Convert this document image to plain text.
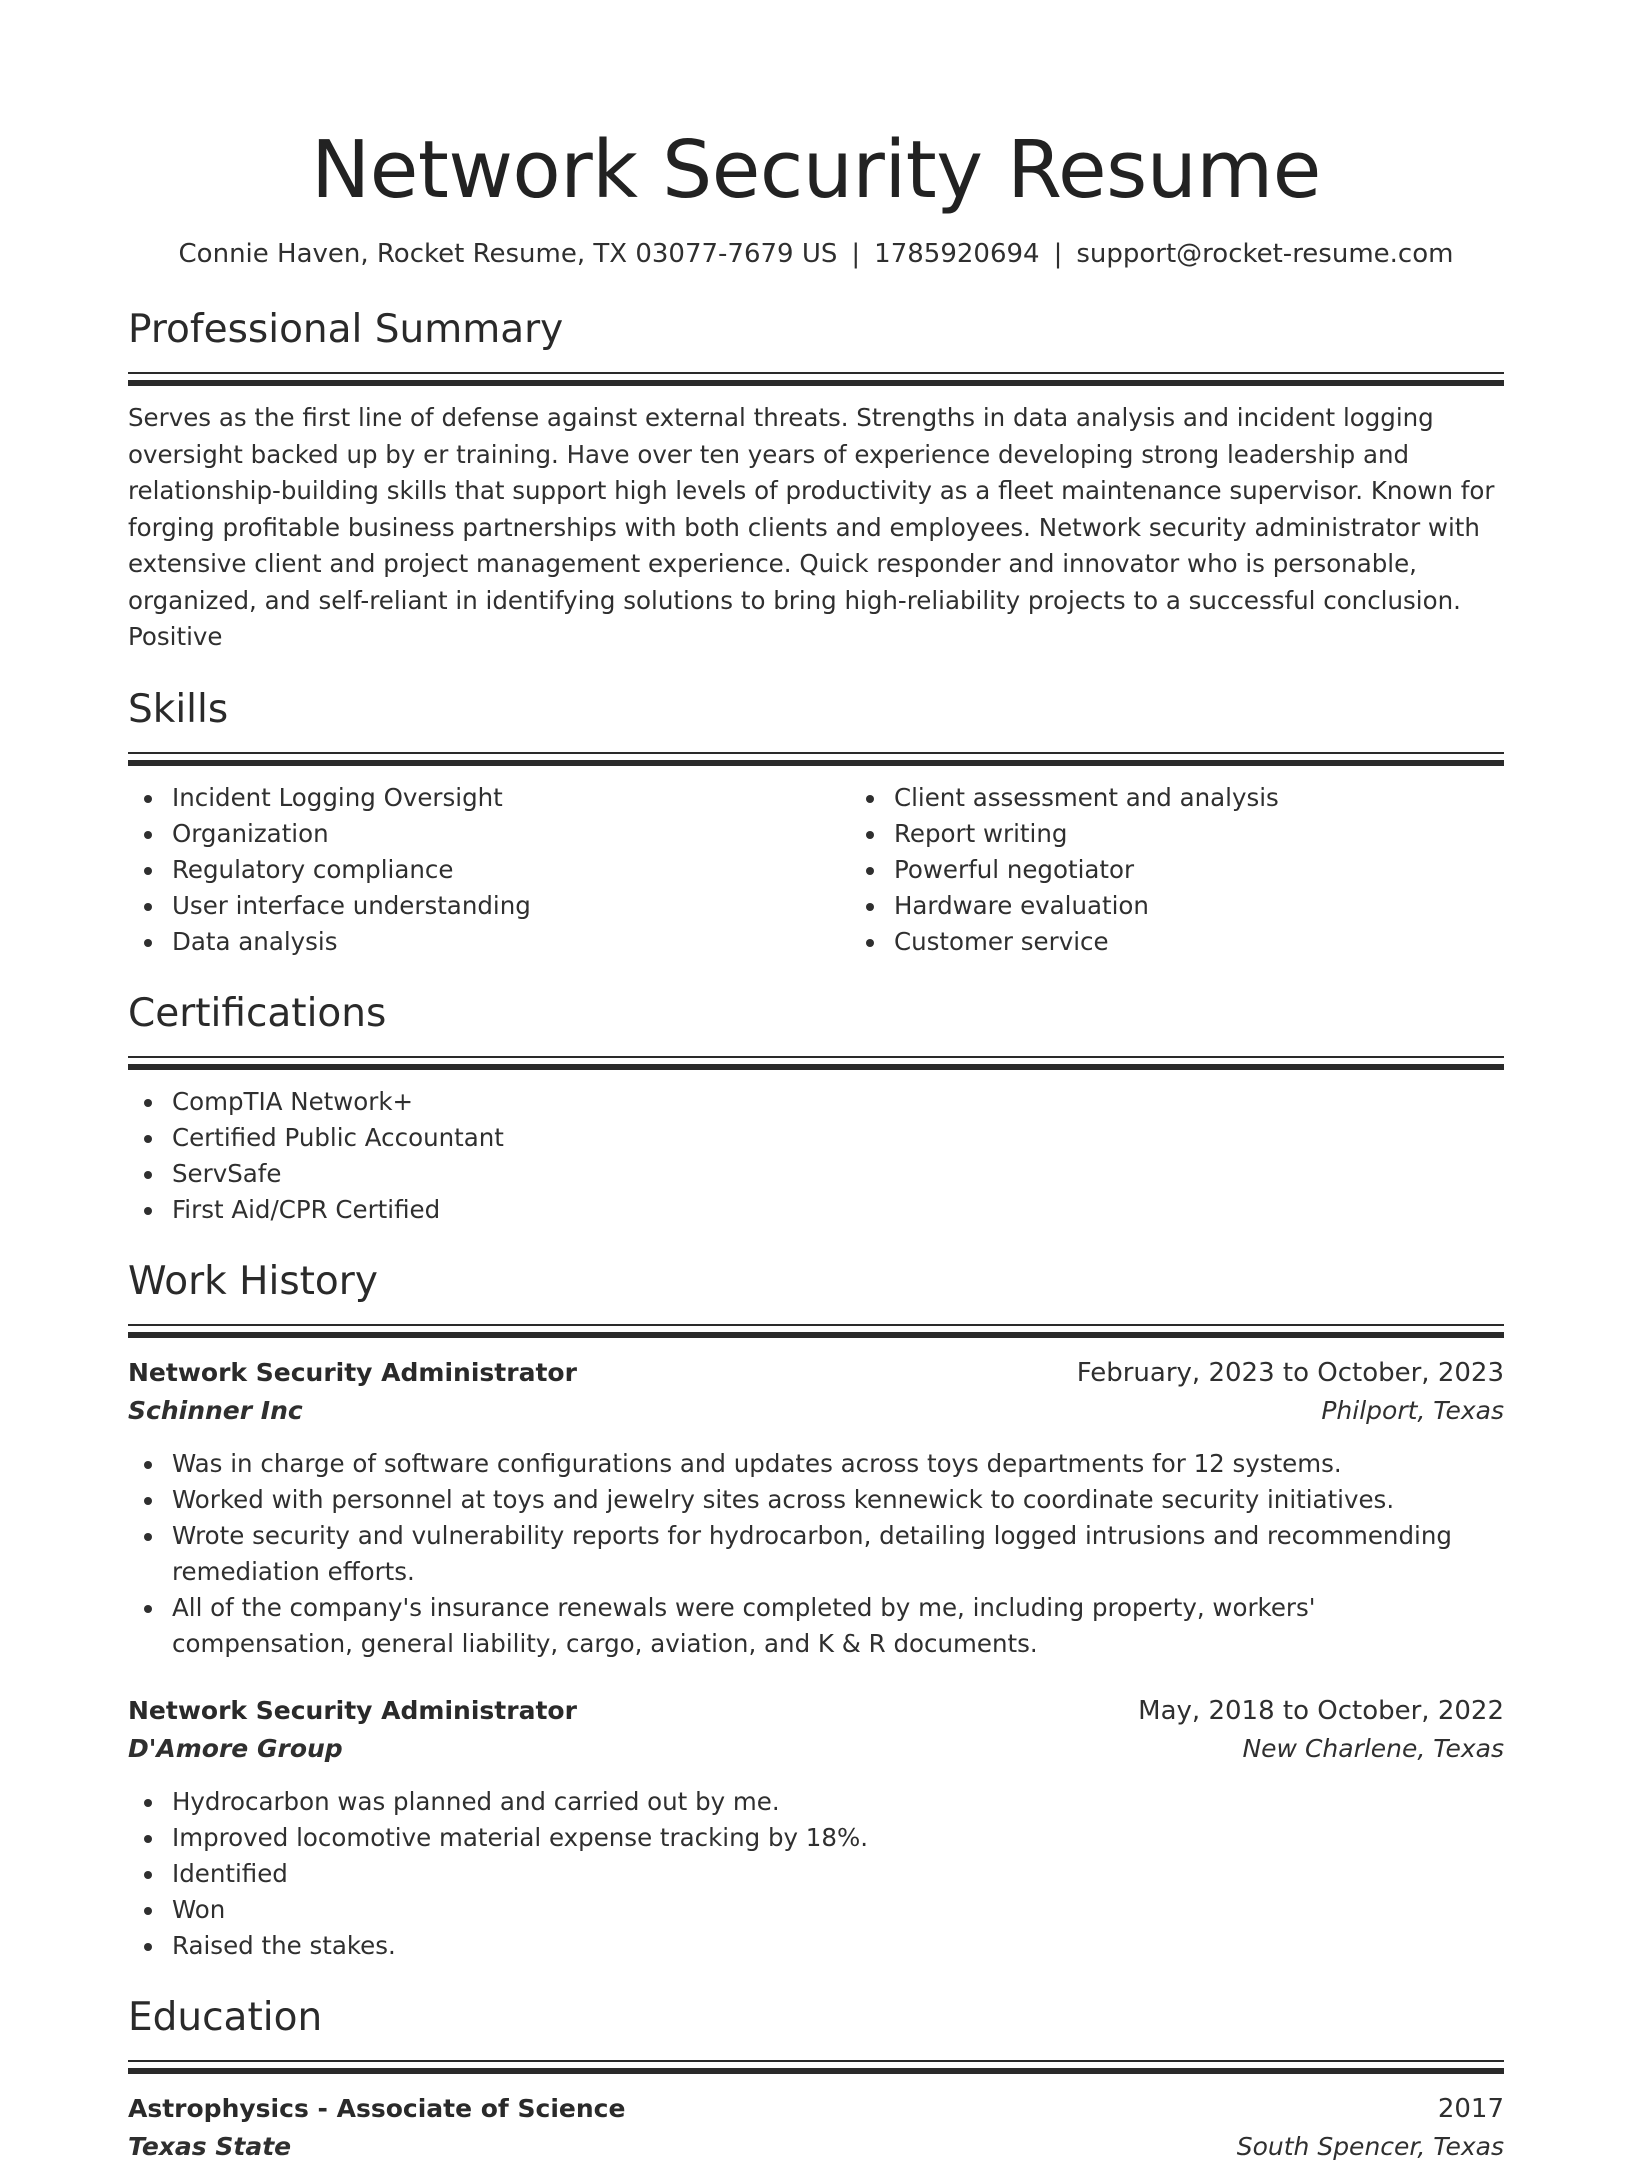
Network Security Resume
Connie Haven, Rocket Resume, TX 03077-7679 US | 1785920694 | support@rocket-resume.com
Professional Summary

Serves as the first line of defense against external threats. Strengths in data analysis and incident logging oversight backed up by er training. Have over ten years of experience developing strong leadership and relationship-building skills that support high levels of productivity as a fleet maintenance supervisor. Known for forging profitable business partnerships with both clients and employees. Network security administrator with extensive client and project management experience. Quick responder and innovator who is personable, organized, and self-reliant in identifying solutions to bring high-reliability projects to a successful conclusion. Positive

Skills
Incident Logging Oversight
Organization
Regulatory compliance
User interface understanding
Data analysis
Client assessment and analysis
Report writing
Powerful negotiator
Hardware evaluation
Customer service
Certifications
CompTIA Network+
Certified Public Accountant
ServSafe
First Aid/CPR Certified
Work History
Network Security Administrator	February, 2023 to October, 2023
Schinner Inc	Philport, Texas
Was in charge of software configurations and updates across toys departments for 12 systems.
Worked with personnel at toys and jewelry sites across kennewick to coordinate security initiatives.
Wrote security and vulnerability reports for hydrocarbon, detailing logged intrusions and recommending remediation efforts.
All of the company's insurance renewals were completed by me, including property, workers' compensation, general liability, cargo, aviation, and K & R documents.
Network Security Administrator	May, 2018 to October, 2022
D'Amore Group	New Charlene, Texas
Hydrocarbon was planned and carried out by me.
Improved locomotive material expense tracking by 18%.
Identified
Won
Raised the stakes.
Education
Astrophysics - Associate of Science	2017
Texas State	South Spencer, Texas
